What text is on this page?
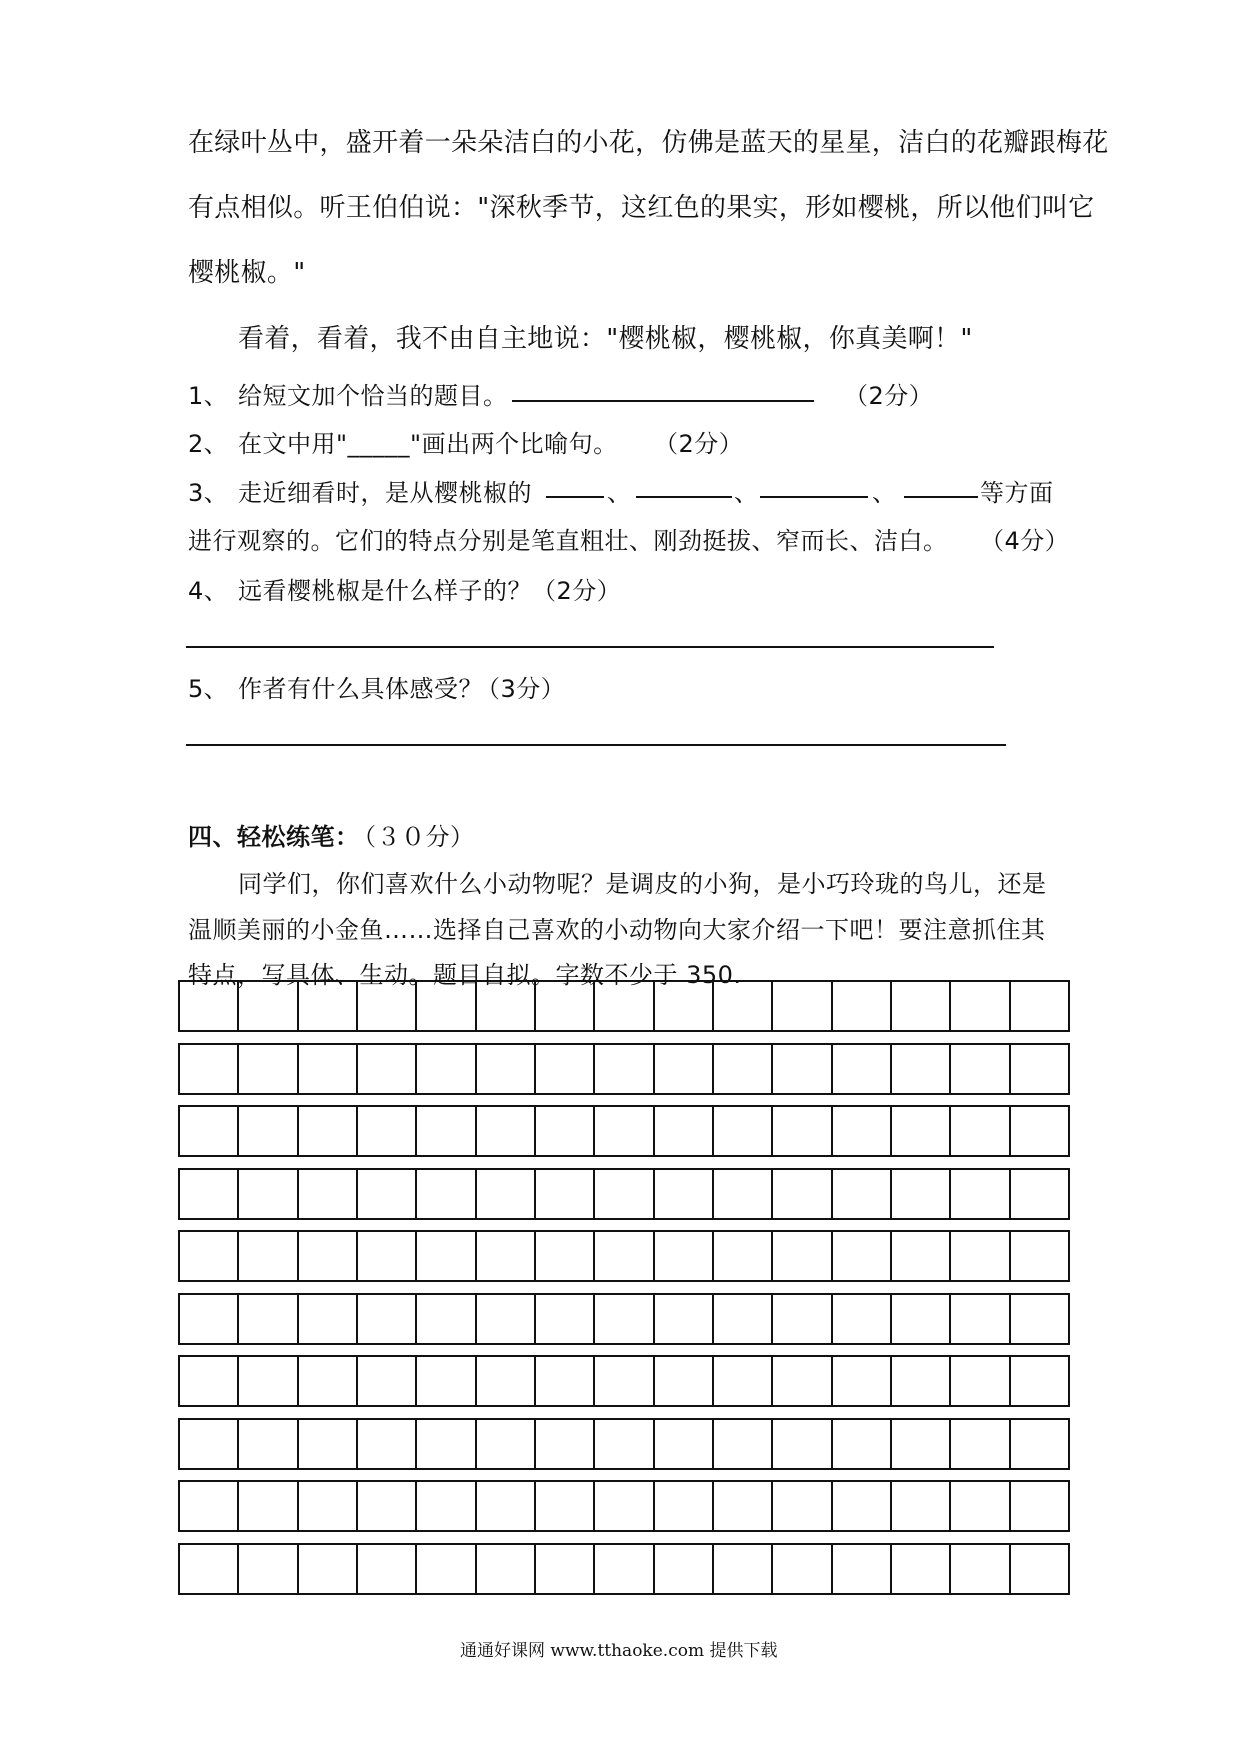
在绿叶丛中，盛开着一朵朵洁白的小花，仿佛是蓝天的星星，洁白的花瓣跟梅花
有点相似。听王伯伯说："深秋季节，这红色的果实，形如樱桃，所以他们叫它
樱桃椒。"
看着，看着，我不由自主地说："樱桃椒，樱桃椒，你真美啊！"
1、 给短文加个恰当的题目。	（2分）
2、 在文中用"_____"画出两个比喻句。 （2分）
3、 走近细看时，是从樱桃椒的	、	、	、	等方面
进行观察的。它们的特点分别是笔直粗壮、刚劲挺拔、窄而长、洁白。 （4分）
4、 远看樱桃椒是什么样子的？ （2分）
5、 作者有什么具体感受？
（3分）
四、轻松练笔：
（３０分）
同学们，你们喜欢什么小动物呢？是调皮的小狗，是小巧玲珑的鸟儿，还是
温顺美丽的小金鱼……选择自己喜欢的小动物向大家介绍一下吧！要注意抓住其
特点，写具体、生动。题目自拟。字数不少于 350.
通通好课网 www.tthaoke.com 提供下载
